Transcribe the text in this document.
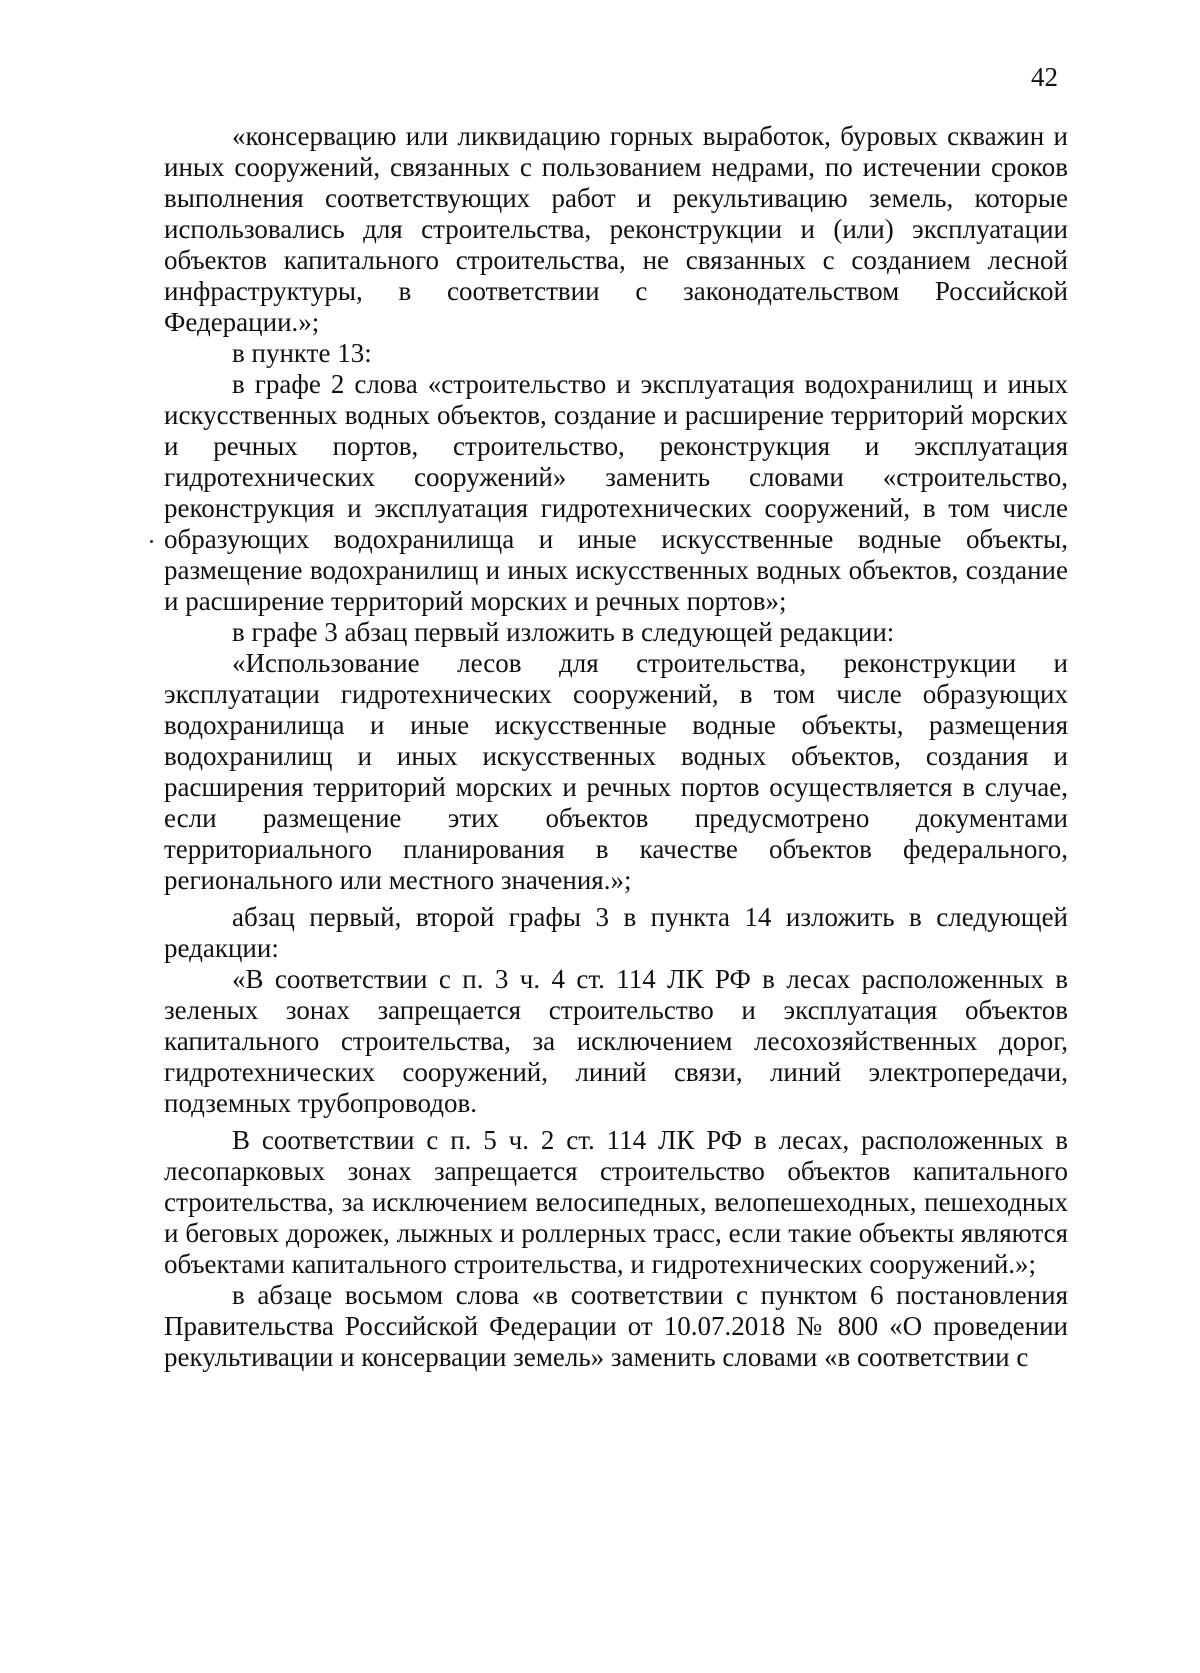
42

«консервацию или ликвидацию горных выработок, буровых скважин и иных сооружений, связанных с пользованием недрами, по истечении сроков выполнения соответствующих работ и рекультивацию земель, которые использовались для строительства, реконструкции и (или) эксплуатации объектов капитального строительства, не связанных с созданием лесной инфраструктуры, в соответствии с законодательством Российской Федерации.»;

в пункте 13:

в графе 2 слова «строительство и эксплуатация водохранилищ и иных искусственных водных объектов, создание и расширение территорий морских и речных портов, строительство, реконструкция и эксплуатация гидротехнических сооружений» заменить словами «строительство, реконструкция и эксплуатация гидротехнических сооружений, в том числе образующих водохранилища и иные искусственные водные объекты, размещение водохранилищ и иных искусственных водных объектов, создание и расширение территорий морских и речных портов»;

в графе 3 абзац первый изложить в следующей редакции:

«Использование лесов для строительства, реконструкции и эксплуатации гидротехнических сооружений, в том числе образующих водохранилища и иные искусственные водные объекты, размещения водохранилищ и иных искусственных водных объектов, создания и расширения территорий морских и речных портов осуществляется в случае, если размещение этих объектов предусмотрено документами территориального планирования в качестве объектов федерального, регионального или местного значения.»;

абзац первый, второй графы 3 в пункта 14 изложить в следующей редакции:

«В соответствии с п. 3 ч. 4 ст. 114 ЛК РФ в лесах расположенных в зеленых зонах запрещается строительство и эксплуатация объектов капитального строительства, за исключением лесохозяйственных дорог, гидротехнических сооружений, линий связи, линий электропередачи, подземных трубопроводов.

В соответствии с п. 5 ч. 2 ст. 114 ЛК РФ в лесах, расположенных в лесопарковых зонах запрещается строительство объектов капитального строительства, за исключением велосипедных, велопешеходных, пешеходных и беговых дорожек, лыжных и роллерных трасс, если такие объекты являются объектами капитального строительства, и гидротехнических сооружений.»;

в абзаце восьмом слова «в соответствии с пунктом 6 постановления Правительства Российской Федерации от 10.07.2018 № 800 «О проведении рекультивации и консервации земель» заменить словами «в соответствии с
